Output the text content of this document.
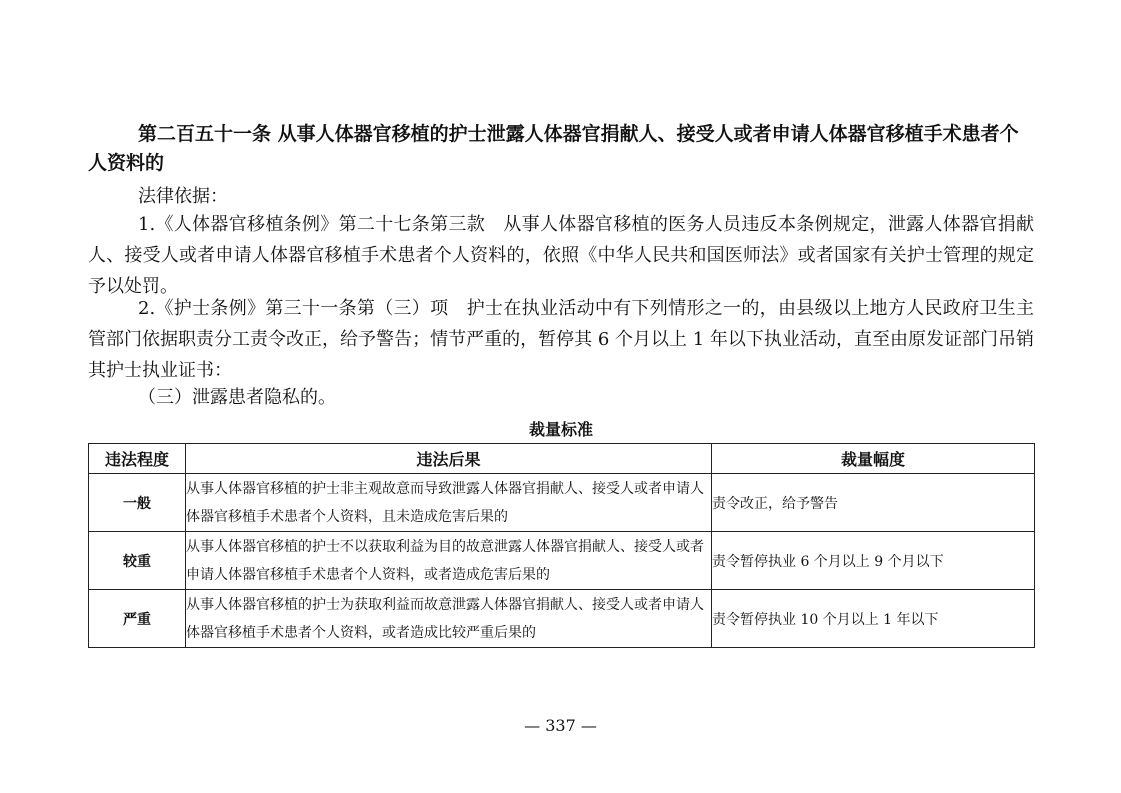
第二百五十一条 从事人体器官移植的护士泄露人体器官捐献人、接受人或者申请人体器官移植手术患者个人资料的

法律依据：

1.《人体器官移植条例》第二十七条第三款　从事人体器官移植的医务人员违反本条例规定，泄露人体器官捐献人、接受人或者申请人体器官移植手术患者个人资料的，依照《中华人民共和国医师法》或者国家有关护士管理的规定予以处罚。

2.《护士条例》第三十一条第（三）项　护士在执业活动中有下列情形之一的，由县级以上地方人民政府卫生主管部门依据职责分工责令改正，给予警告；情节严重的，暂停其 6 个月以上 1 年以下执业活动，直至由原发证部门吊销其护士执业证书：

（三）泄露患者隐私的。

裁量标准

违法程度	违法后果	裁量幅度
一般	从事人体器官移植的护士非主观故意而导致泄露人体器官捐献人、接受人或者申请人体器官移植手术患者个人资料，且未造成危害后果的	责令改正，给予警告
较重	从事人体器官移植的护士不以获取利益为目的故意泄露人体器官捐献人、接受人或者申请人体器官移植手术患者个人资料，或者造成危害后果的	责令暂停执业 6 个月以上 9 个月以下
严重	从事人体器官移植的护士为获取利益而故意泄露人体器官捐献人、接受人或者申请人体器官移植手术患者个人资料，或者造成比较严重后果的	责令暂停执业 10 个月以上 1 年以下

— 337 —
